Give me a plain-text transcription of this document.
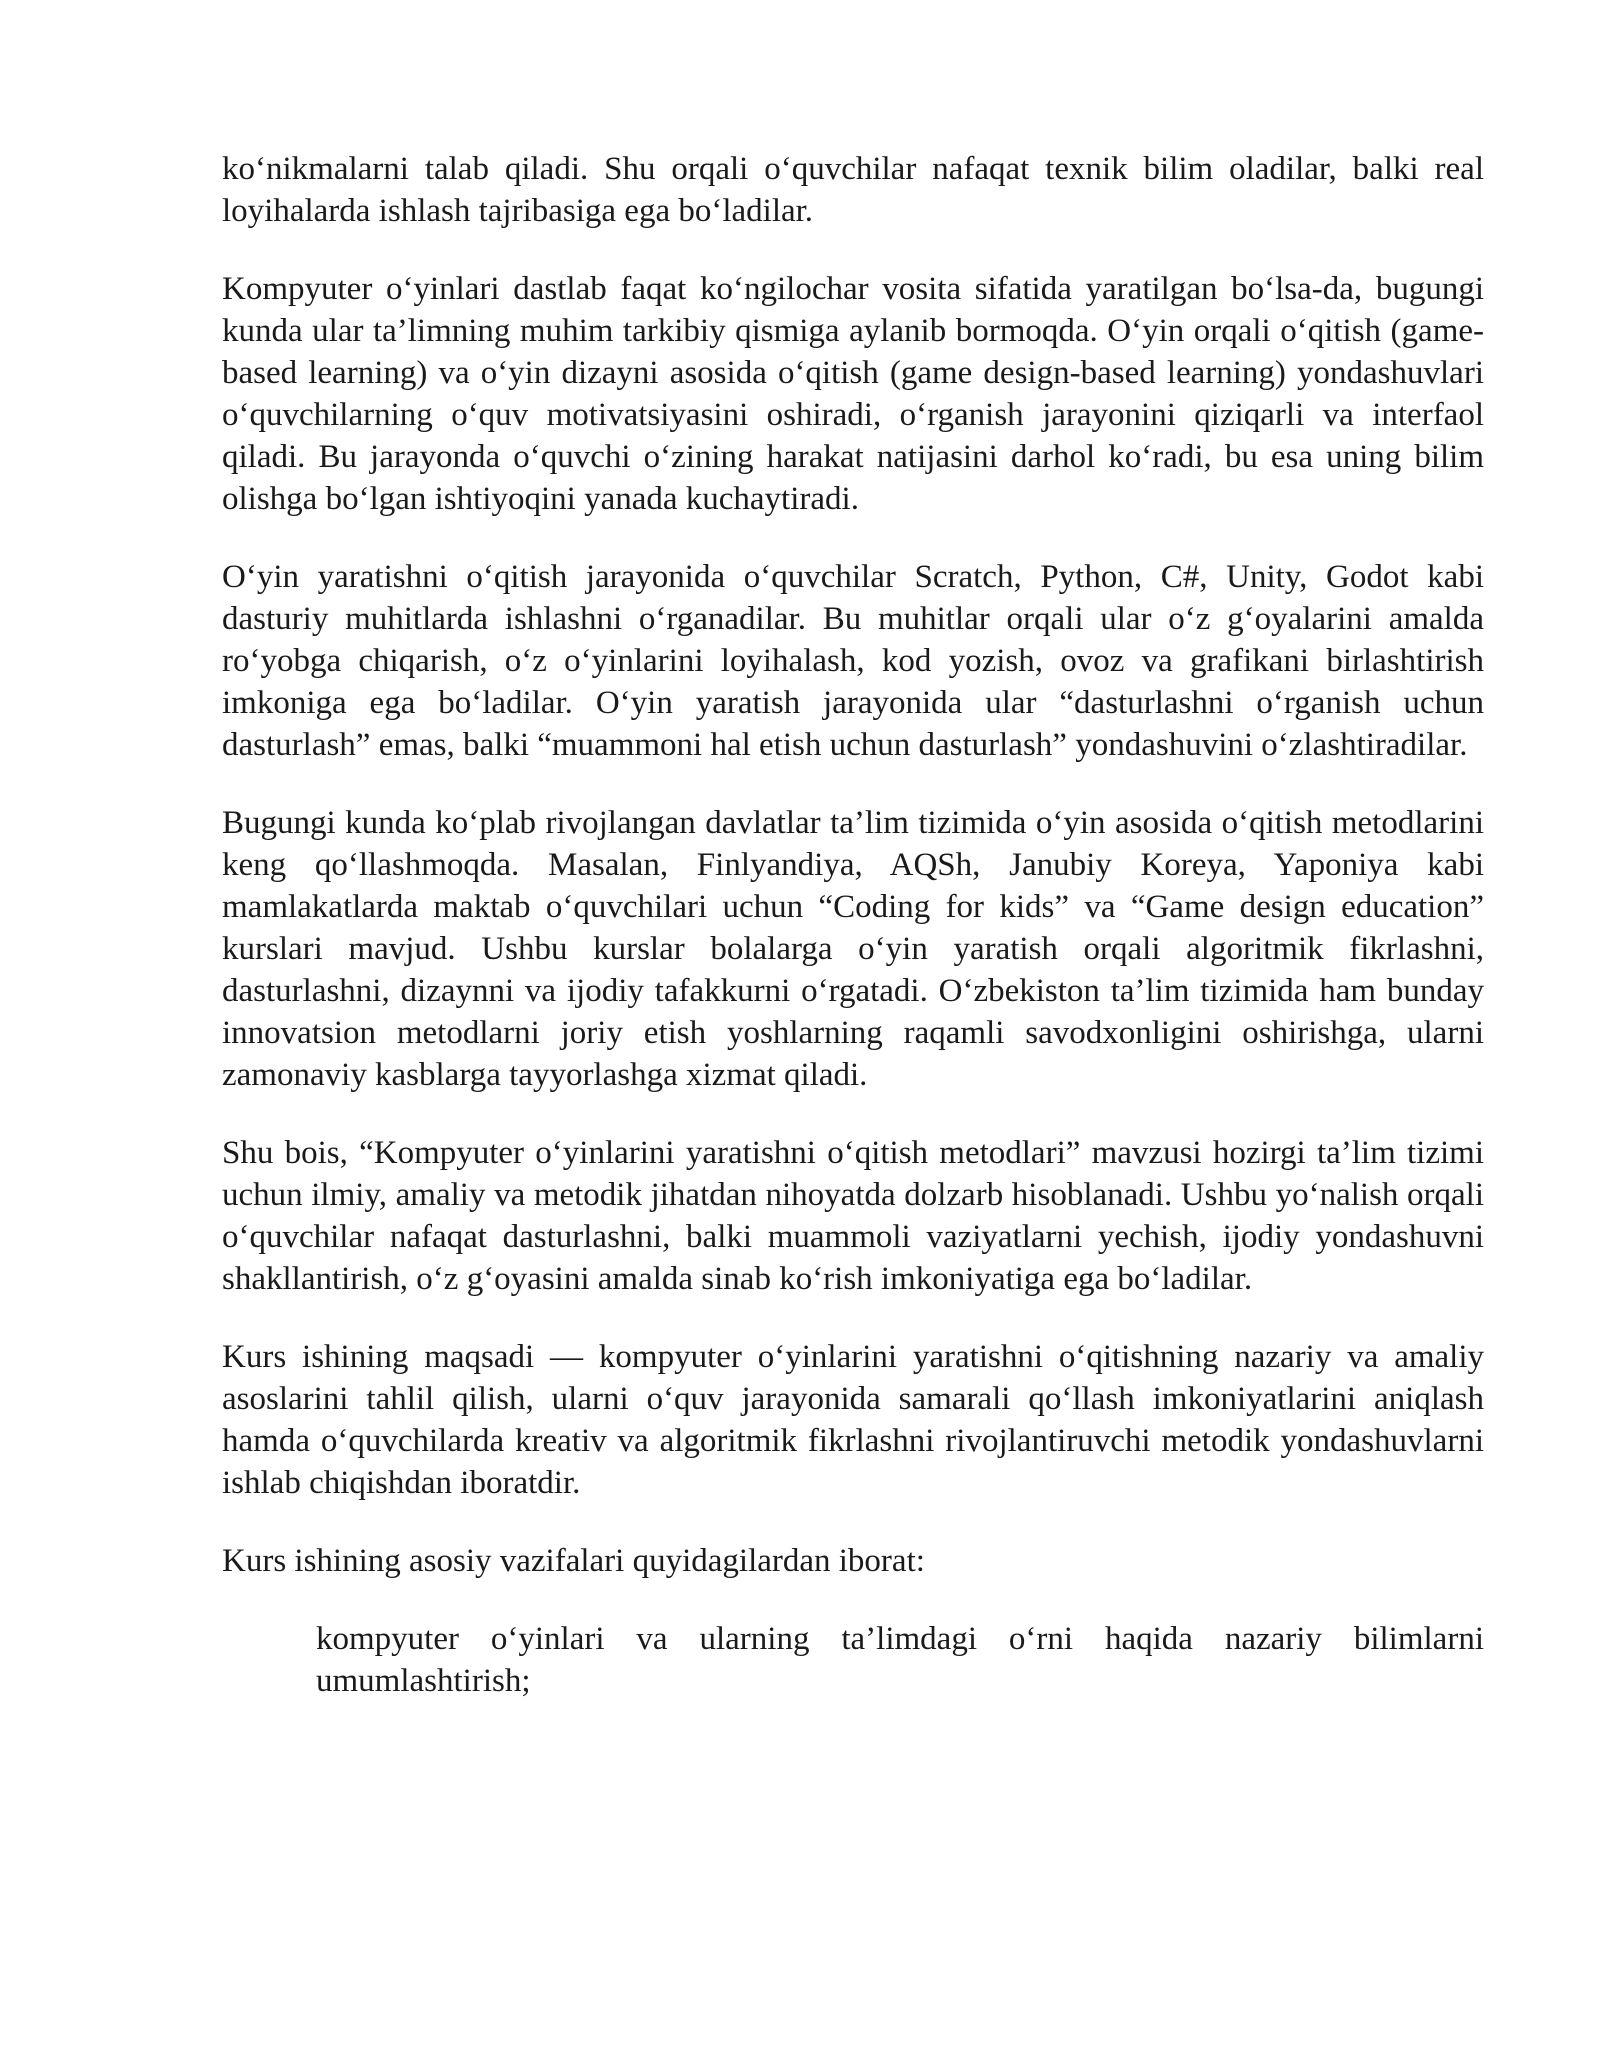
ko‘nikmalarni talab qiladi. Shu orqali o‘quvchilar nafaqat texnik bilim oladilar, balki real loyihalarda ishlash tajribasiga ega bo‘ladilar.

Kompyuter o‘yinlari dastlab faqat ko‘ngilochar vosita sifatida yaratilgan bo‘lsa-da, bugungi kunda ular ta’limning muhim tarkibiy qismiga aylanib bormoqda. O‘yin orqali o‘qitish (game-based learning) va o‘yin dizayni asosida o‘qitish (game design-based learning) yondashuvlari o‘quvchilarning o‘quv motivatsiyasini oshiradi, o‘rganish jarayonini qiziqarli va interfaol qiladi. Bu jarayonda o‘quvchi o‘zining harakat natijasini darhol ko‘radi, bu esa uning bilim olishga bo‘lgan ishtiyoqini yanada kuchaytiradi.

O‘yin yaratishni o‘qitish jarayonida o‘quvchilar Scratch, Python, C#, Unity, Godot kabi dasturiy muhitlarda ishlashni o‘rganadilar. Bu muhitlar orqali ular o‘z g‘oyalarini amalda ro‘yobga chiqarish, o‘z o‘yinlarini loyihalash, kod yozish, ovoz va grafikani birlashtirish imkoniga ega bo‘ladilar. O‘yin yaratish jarayonida ular “dasturlashni o‘rganish uchun dasturlash” emas, balki “muammoni hal etish uchun dasturlash” yondashuvini o‘zlashtiradilar.

Bugungi kunda ko‘plab rivojlangan davlatlar ta’lim tizimida o‘yin asosida o‘qitish metodlarini keng qo‘llashmoqda. Masalan, Finlyandiya, AQSh, Janubiy Koreya, Yaponiya kabi mamlakatlarda maktab o‘quvchilari uchun “Coding for kids” va “Game design education” kurslari mavjud. Ushbu kurslar bolalarga o‘yin yaratish orqali algoritmik fikrlashni, dasturlashni, dizaynni va ijodiy tafakkurni o‘rgatadi. O‘zbekiston ta’lim tizimida ham bunday innovatsion metodlarni joriy etish yoshlarning raqamli savodxonligini oshirishga, ularni zamonaviy kasblarga tayyorlashga xizmat qiladi.

Shu bois, “Kompyuter o‘yinlarini yaratishni o‘qitish metodlari” mavzusi hozirgi ta’lim tizimi uchun ilmiy, amaliy va metodik jihatdan nihoyatda dolzarb hisoblanadi. Ushbu yo‘nalish orqali o‘quvchilar nafaqat dasturlashni, balki muammoli vaziyatlarni yechish, ijodiy yondashuvni shakllantirish, o‘z g‘oyasini amalda sinab ko‘rish imkoniyatiga ega bo‘ladilar.

Kurs ishining maqsadi — kompyuter o‘yinlarini yaratishni o‘qitishning nazariy va amaliy asoslarini tahlil qilish, ularni o‘quv jarayonida samarali qo‘llash imkoniyatlarini aniqlash hamda o‘quvchilarda kreativ va algoritmik fikrlashni rivojlantiruvchi metodik yondashuvlarni ishlab chiqishdan iboratdir.

Kurs ishining asosiy vazifalari quyidagilardan iborat:

kompyuter o‘yinlari va ularning ta’limdagi o‘rni haqida nazariy bilimlarni umumlashtirish;
